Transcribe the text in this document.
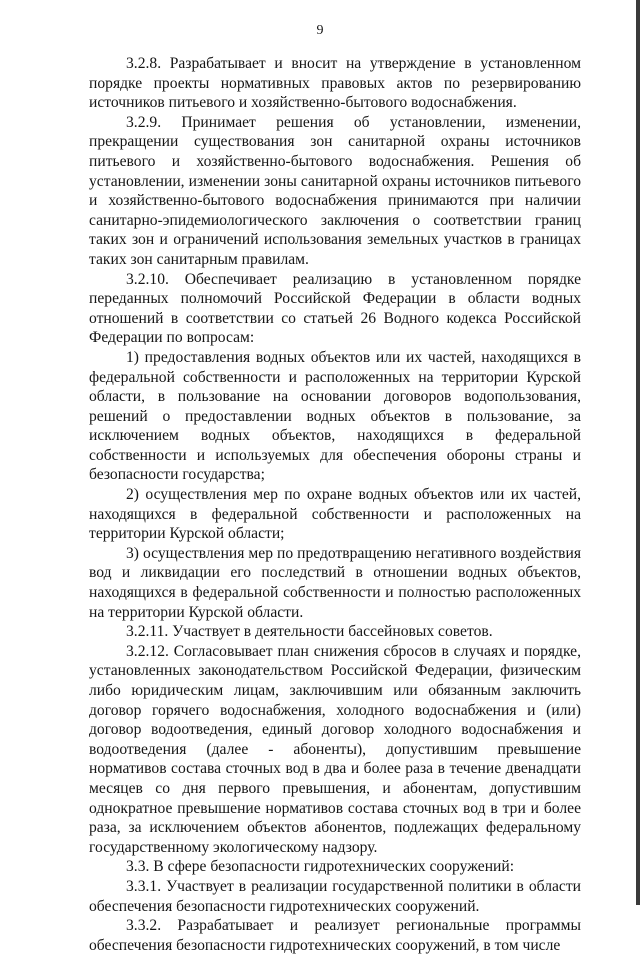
9

3.2.8. Разрабатывает и вносит на утверждение в установленном порядке проекты нормативных правовых актов по резервированию источников питьевого и хозяйственно-бытового водоснабжения.

3.2.9. Принимает решения об установлении, изменении, прекращении существования зон санитарной охраны источников питьевого и хозяйственно-бытового водоснабжения. Решения об установлении, изменении зоны санитарной охраны источников питьевого и хозяйственно-бытового водоснабжения принимаются при наличии санитарно-эпидемиологического заключения о соответствии границ таких зон и ограничений использования земельных участков в границах таких зон санитарным правилам.

3.2.10. Обеспечивает реализацию в установленном порядке переданных полномочий Российской Федерации в области водных отношений в соответствии со статьей 26 Водного кодекса Российской Федерации по вопросам:

1) предоставления водных объектов или их частей, находящихся в федеральной собственности и расположенных на территории Курской области, в пользование на основании договоров водопользования, решений о предоставлении водных объектов в пользование, за исключением водных объектов, находящихся в федеральной собственности и используемых для обеспечения обороны страны и безопасности государства;

2) осуществления мер по охране водных объектов или их частей, находящихся в федеральной собственности и расположенных на территории Курской области;

3) осуществления мер по предотвращению негативного воздействия вод и ликвидации его последствий в отношении водных объектов, находящихся в федеральной собственности и полностью расположенных на территории Курской области.

3.2.11. Участвует в деятельности бассейновых советов.

3.2.12. Согласовывает план снижения сбросов в случаях и порядке, установленных законодательством Российской Федерации, физическим либо юридическим лицам, заключившим или обязанным заключить договор горячего водоснабжения, холодного водоснабжения и (или) договор водоотведения, единый договор холодного водоснабжения и водоотведения (далее - абоненты), допустившим превышение нормативов состава сточных вод в два и более раза в течение двенадцати месяцев со дня первого превышения, и абонентам, допустившим однократное превышение нормативов состава сточных вод в три и более раза, за исключением объектов абонентов, подлежащих федеральному государственному экологическому надзору.

3.3. В сфере безопасности гидротехнических сооружений:

3.3.1. Участвует в реализации государственной политики в области обеспечения безопасности гидротехнических сооружений.

3.3.2. Разрабатывает и реализует региональные программы обеспечения безопасности гидротехнических сооружений, в том числе
